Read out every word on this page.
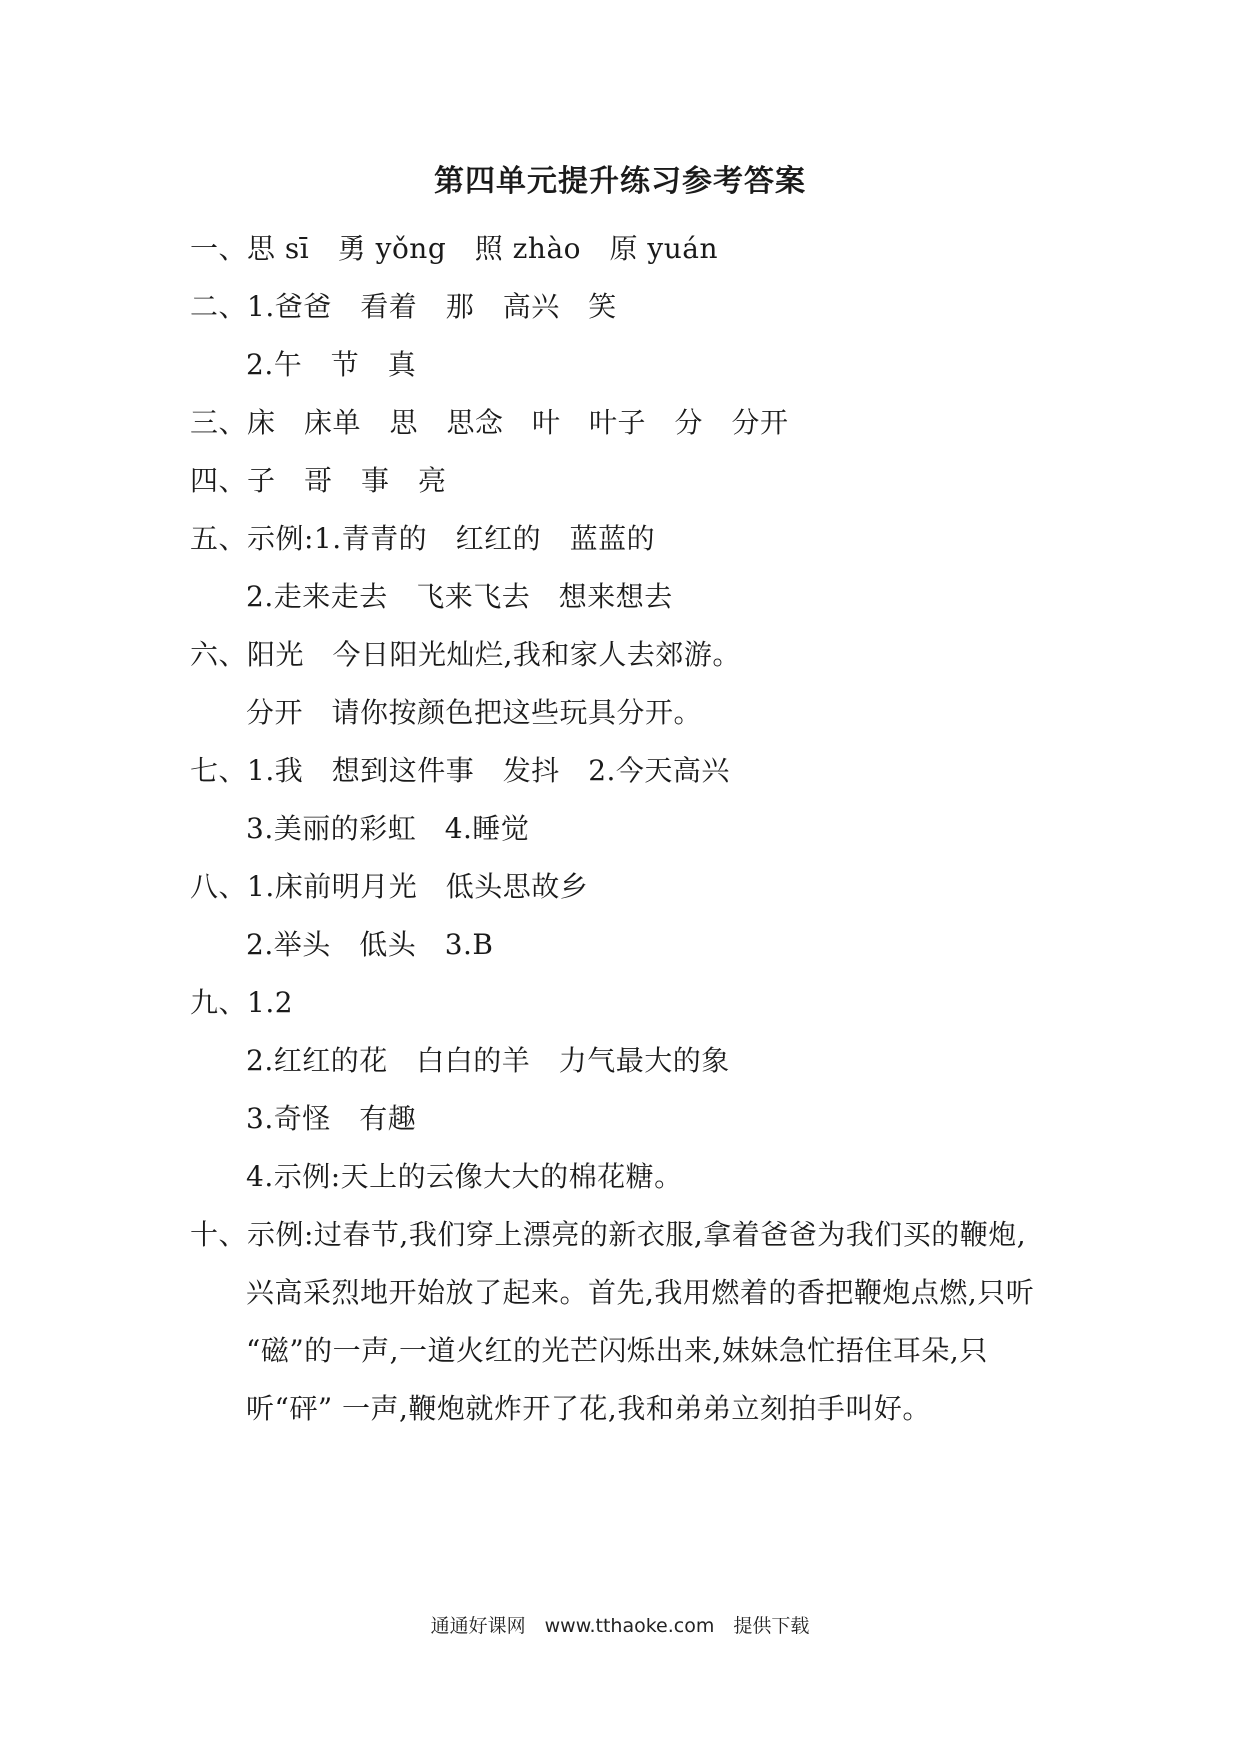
第四单元提升练习参考答案
一、思 sī　勇 yǒng　照 zhào　原 yuán
二、1.爸爸　看着　那　高兴　笑
2.午　节　真
三、床　床单　思　思念　叶　叶子　分　分开
四、子　哥　事　亮
五、示例:1.青青的　红红的　蓝蓝的
2.走来走去　飞来飞去　想来想去
六、阳光　今日阳光灿烂,我和家人去郊游。
分开　请你按颜色把这些玩具分开。
七、1.我　想到这件事　发抖　2.今天高兴
3.美丽的彩虹　4.睡觉
八、1.床前明月光　低头思故乡
2.举头　低头　3.B
九、1.2
2.红红的花　白白的羊　力气最大的象
3.奇怪　有趣
4.示例:天上的云像大大的棉花糖。
十、示例:过春节,我们穿上漂亮的新衣服,拿着爸爸为我们买的鞭炮,
兴高采烈地开始放了起来。首先,我用燃着的香把鞭炮点燃,只听
“磁”的一声,一道火红的光芒闪烁出来,妹妹急忙捂住耳朵,只
听“砰” 一声,鞭炮就炸开了花,我和弟弟立刻拍手叫好。
通通好课网　www.tthaoke.com　提供下载
